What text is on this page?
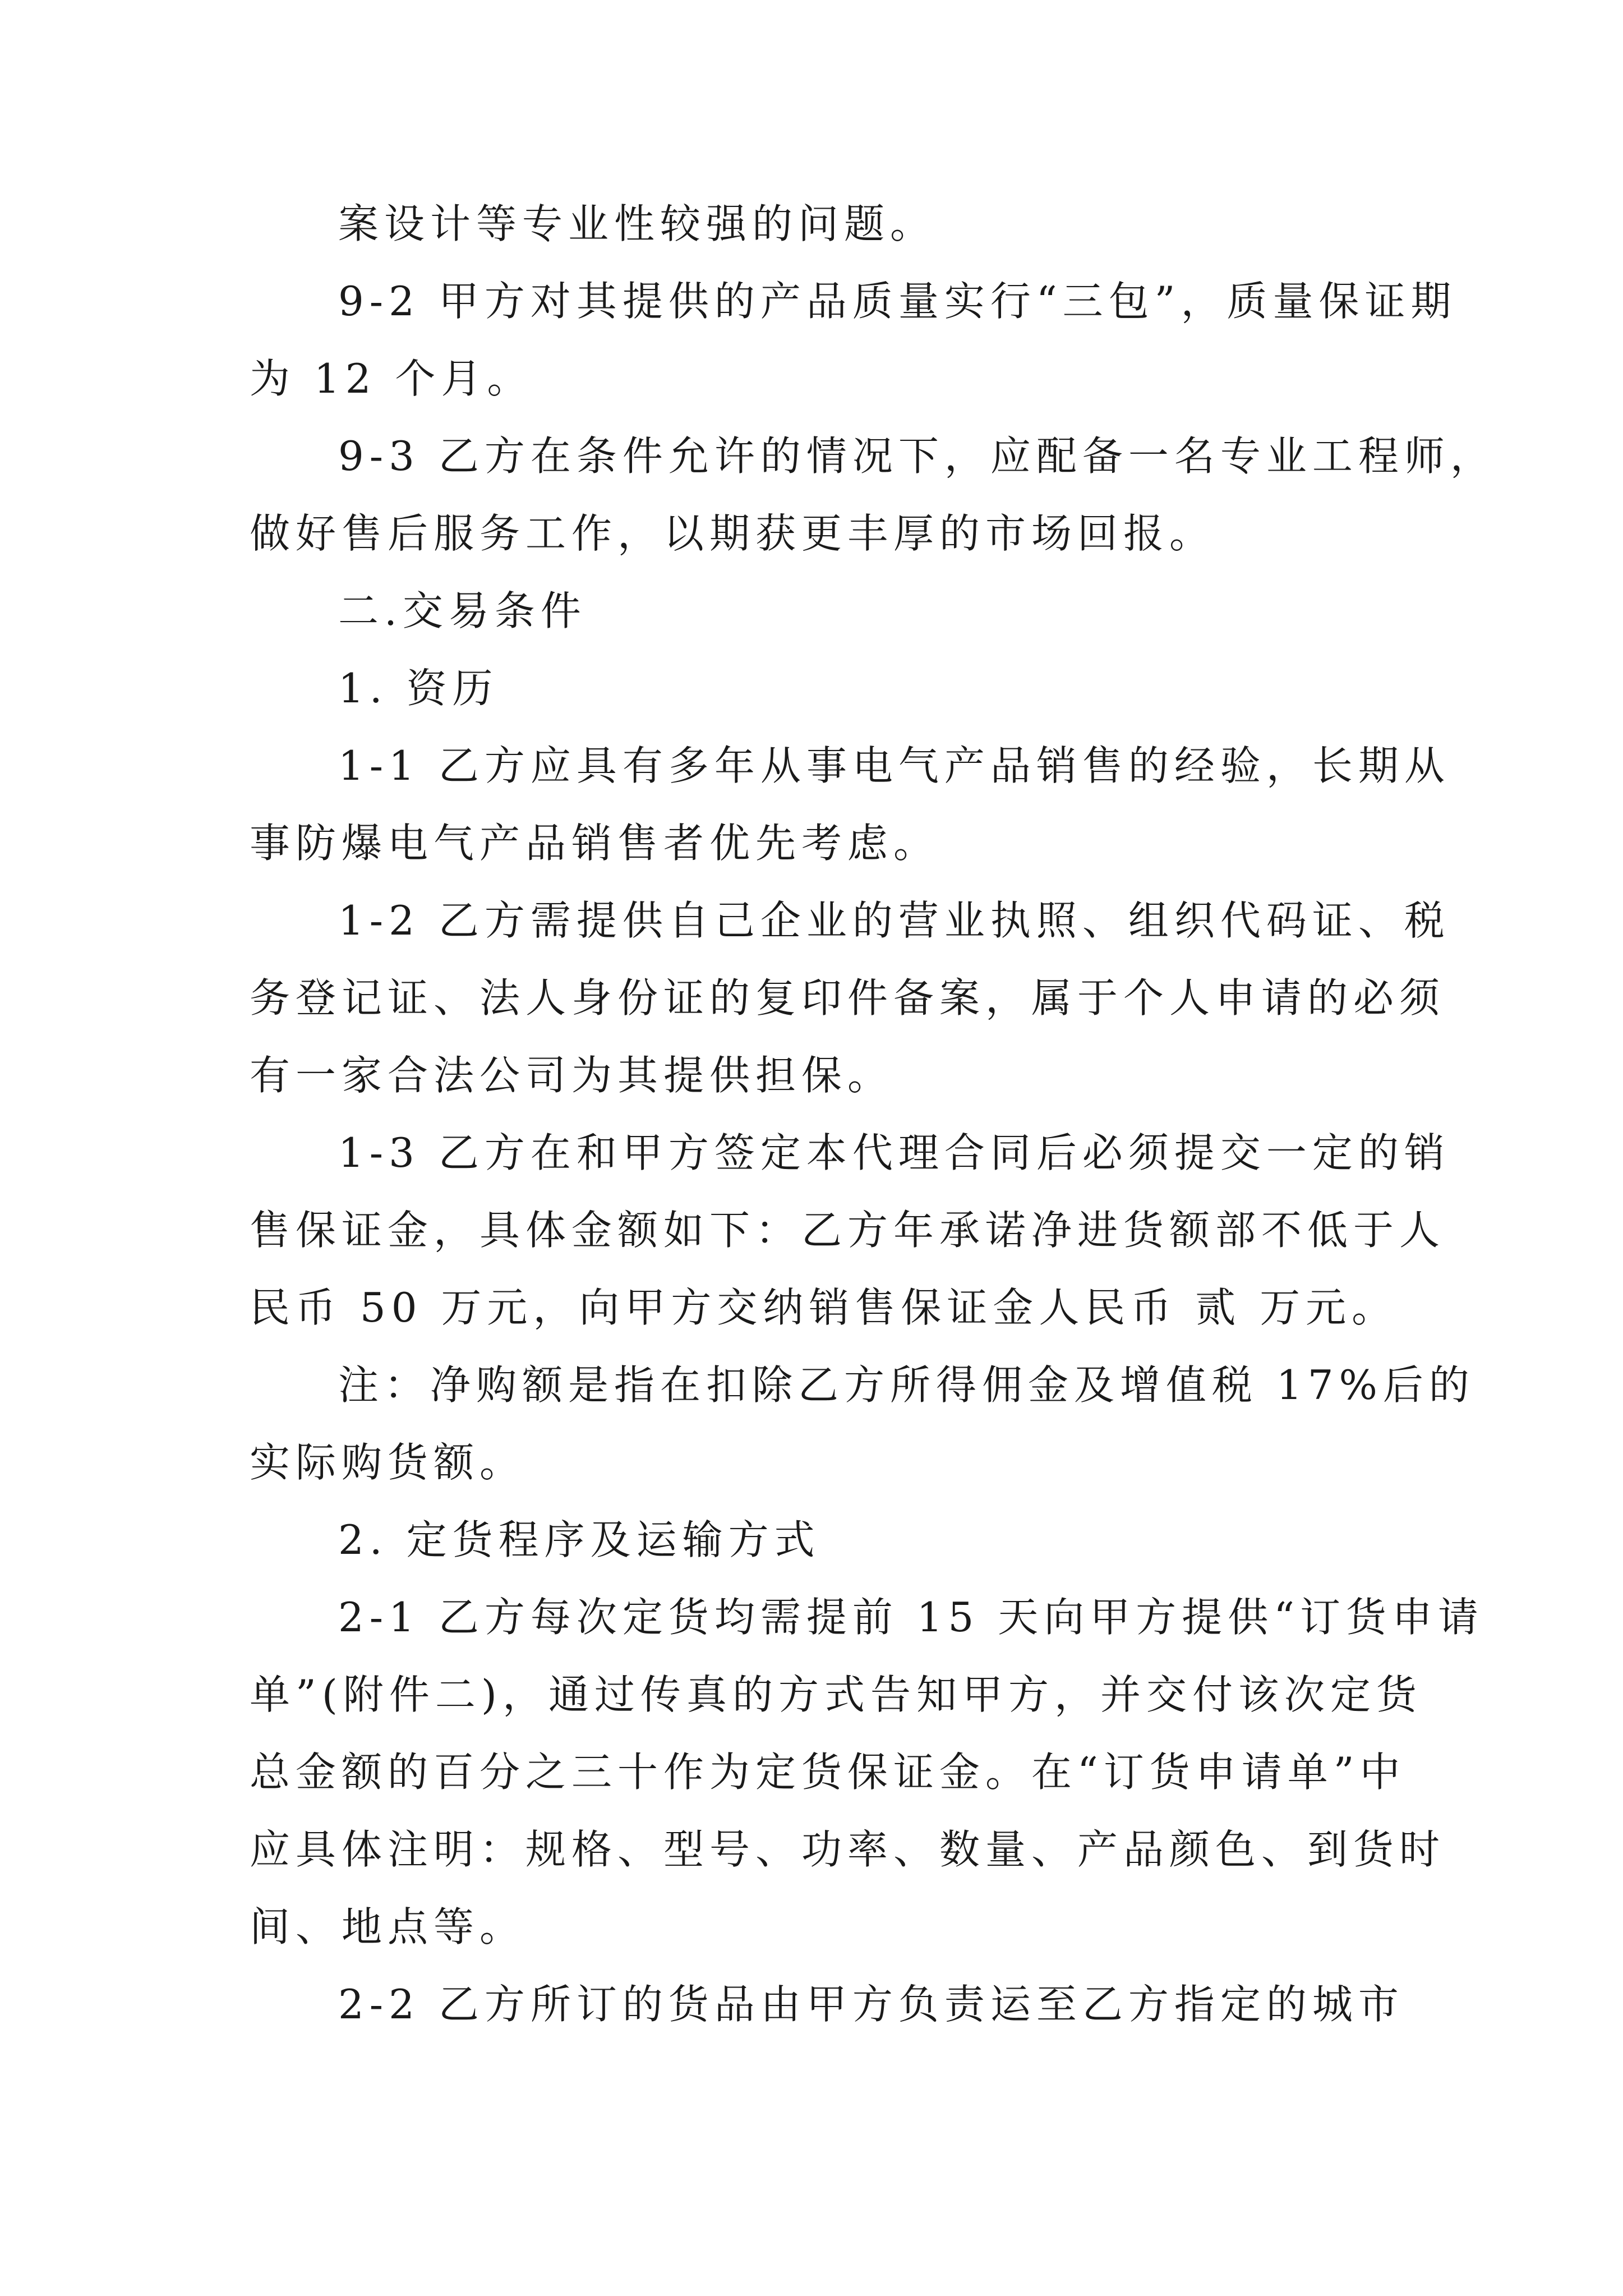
案设计等专业性较强的问题。
9-2 甲方对其提供的产品质量实行“三包”，质量保证期
为 12 个月。
9-3 乙方在条件允许的情况下，应配备一名专业工程师，
做好售后服务工作，以期获更丰厚的市场回报。
二.交易条件
1. 资历
1-1 乙方应具有多年从事电气产品销售的经验，长期从
事防爆电气产品销售者优先考虑。
1-2 乙方需提供自己企业的营业执照、组织代码证、税
务登记证、法人身份证的复印件备案，属于个人申请的必须
有一家合法公司为其提供担保。
1-3 乙方在和甲方签定本代理合同后必须提交一定的销
售保证金，具体金额如下：乙方年承诺净进货额部不低于人
民币 50 万元，向甲方交纳销售保证金人民币 贰 万元。
注：净购额是指在扣除乙方所得佣金及增值税 17%后的
实际购货额。
2. 定货程序及运输方式
2-1 乙方每次定货均需提前 15 天向甲方提供“订货申请
单”(附件二)，通过传真的方式告知甲方，并交付该次定货
总金额的百分之三十作为定货保证金。在“订货申请单”中
应具体注明：规格、型号、功率、数量、产品颜色、到货时
间、地点等。
2-2 乙方所订的货品由甲方负责运至乙方指定的城市
